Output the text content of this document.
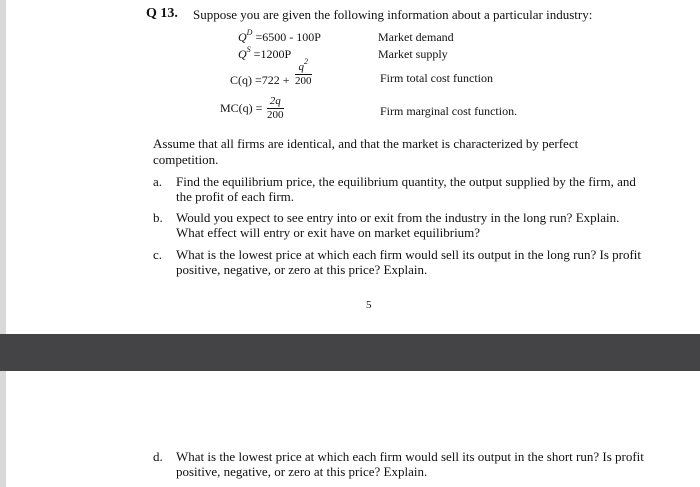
Q 13. Suppose you are given the following information about a particular industry:
$Q^D =6500 - 100P$	Market demand
$Q^S =1200P$	Market supply
$C(q) =722 + \frac{q^2}{200}$	Firm total cost function
$MC(q) = \frac{2q}{200}$	Firm marginal cost function.
Assume that all firms are identical, and that the market is characterized by perfect competition.
a. Find the equilibrium price, the equilibrium quantity, the output supplied by the firm, and the profit of each firm.
b. Would you expect to see entry into or exit from the industry in the long run? Explain. What effect will entry or exit have on market equilibrium?
c. What is the lowest price at which each firm would sell its output in the long run? Is profit positive, negative, or zero at this price? Explain.
5
d. What is the lowest price at which each firm would sell its output in the short run? Is profit positive, negative, or zero at this price? Explain.
